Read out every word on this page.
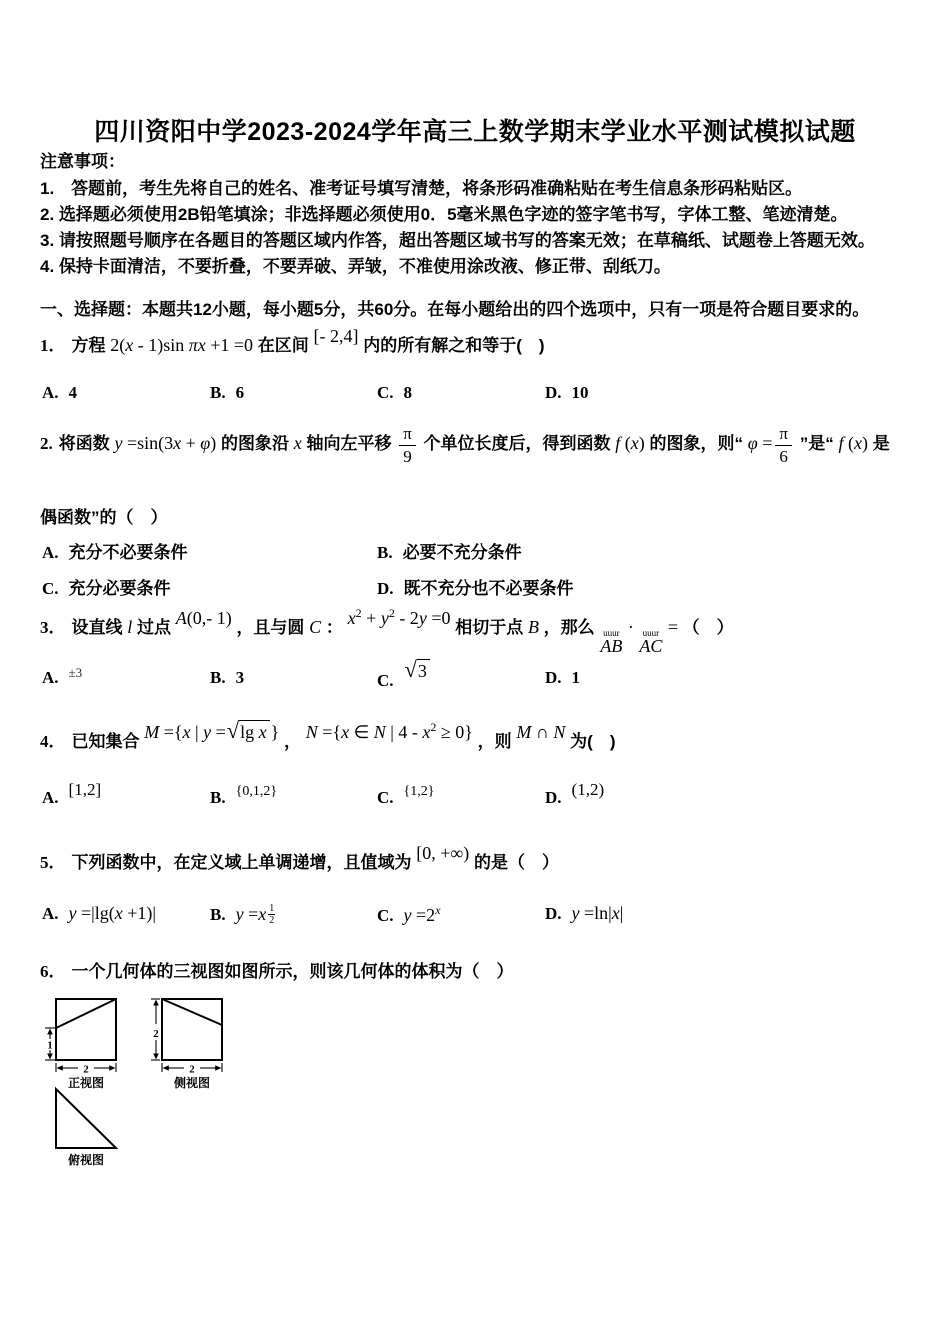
四川资阳中学2023-2024学年高三上数学期末学业水平测试模拟试题
注意事项：
1.　答题前，考生先将自己的姓名、准考证号填写清楚，将条形码准确粘贴在考生信息条形码粘贴区。
2. 选择题必须使用2B铅笔填涂；非选择题必须使用0．5毫米黑色字迹的签字笔书写，字体工整、笔迹清楚。
3. 请按照题号顺序在各题目的答题区域内作答，超出答题区域书写的答案无效；在草稿纸、试题卷上答题无效。
4. 保持卡面清洁，不要折叠，不要弄破、弄皱，不准使用涂改液、修正带、刮纸刀。
一、选择题：本题共12小题，每小题5分，共60分。在每小题给出的四个选项中，只有一项是符合题目要求的。
1． 方程 2(x - 1)sin πx +1 =0 在区间 [- 2,4] 内的所有解之和等于(　)
A. 4	B. 6	C. 8	D. 10
2. 将函数 y =sin(3x + φ) 的图象沿 x 轴向左平移 $\frac{\pi}{9}$ 个单位长度后，得到函数 f (x) 的图象，则“ $\varphi = \frac{\pi}{6}$ ”是“ f (x) 是
偶函数”的（　）
A. 充分不必要条件	B. 必要不充分条件
C. 充分必要条件	D. 既不充分也不必要条件
3． 设直线 l 过点 A(0,- 1) ，且与圆 C ： $x^2 + y^2 - 2y =0$ 相切于点 B ，那么 uuur
AB
· uuur
AC
= （　）
A. $^{\pm 3}$	B. 3	C. √ 3	D. 1
4． 已知集合 M ={x | y = √ lg x } ， N ={x ∈ N | $4 - x^2 \ge 0$} ，则 M ∩ N 为(　)
A. [1,2]	B. {0,1,2}	C. {1,2}	D. (1,2)
5． 下列函数中，在定义域上单调递增，且值域为 [0, +∞) 的是（　）
A. y =|lg(x +1)|	B. $y =x \frac{1}{2}$	C. $y =2^x$	D. y =ln|x|
6． 一个几何体的三视图如图所示，则该几何体的体积为（　）
1
2
正视图
2
2
侧视图
俯视图
